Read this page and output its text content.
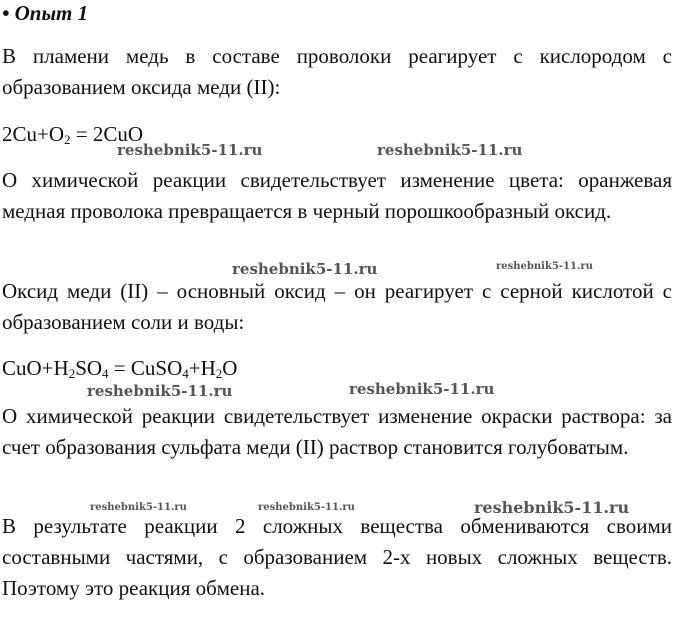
• Опыт 1
В пламени медь в составе проволоки реагирует с кислородом с образованием оксида меди (II):
$2Cu+O_2 = 2CuO$
О химической реакции свидетельствует изменение цвета: оранжевая медная проволока превращается в черный порошкообразный оксид.
Оксид меди (II) – основный оксид – он реагирует с серной кислотой с образованием соли и воды:
$CuO+H_2SO_4$ = $CuSO_4+H_2O$
О химической реакции свидетельствует изменение окраски раствора: за счет образования сульфата меди (II) раствор становится голубоватым.
В результате реакции 2 сложных вещества обмениваются своими составными частями, с образованием 2-х новых сложных веществ. Поэтому это реакция обмена.
reshebnik5-11.ru	reshebnik5-11.ru
reshebnik5-11.ru	reshebnik5-11.ru
reshebnik5-11.ru	reshebnik5-11.ru
reshebnik5-11.ru	reshebnik5-11.ru	reshebnik5-11.ru
